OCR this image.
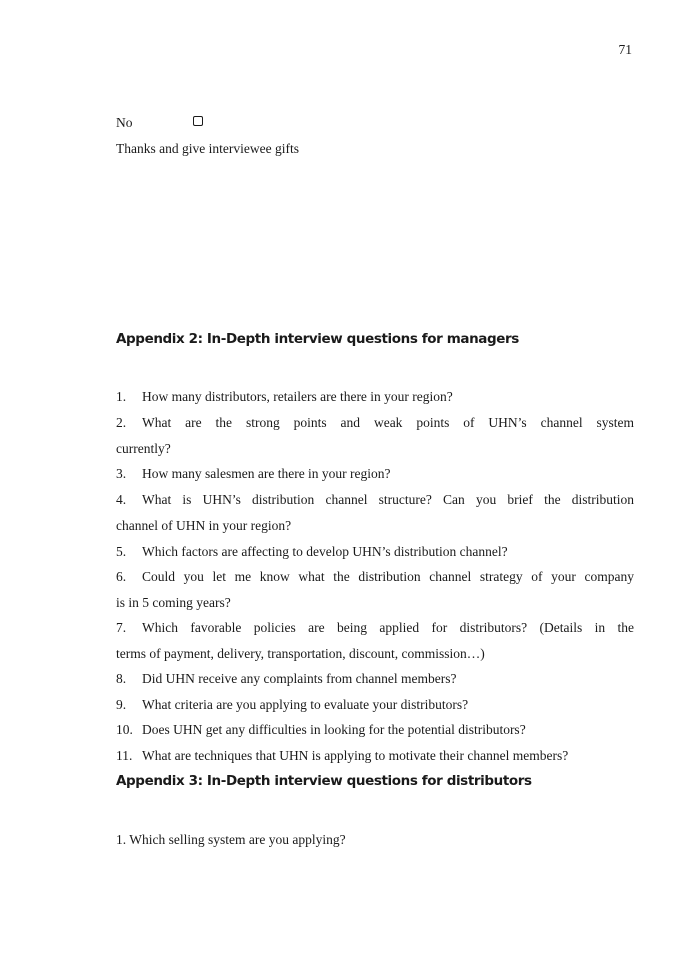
71
No
Thanks and give interviewee gifts
Appendix 2: In-Depth interview questions for managers
1. How many distributors, retailers are there in your region?
2. What are the strong points and weak points of UHN’s channel system
currently?
3. How many salesmen are there in your region?
4. What is UHN’s distribution channel structure? Can you brief the distribution
channel of UHN in your region?
5. Which factors are affecting to develop UHN’s distribution channel?
6. Could you let me know what the distribution channel strategy of your company
is in 5 coming years?
7. Which favorable policies are being applied for distributors? (Details in the
terms of payment, delivery, transportation, discount, commission…)
8. Did UHN receive any complaints from channel members?
9. What criteria are you applying to evaluate your distributors?
10. Does UHN get any difficulties in looking for the potential distributors?
11. What are techniques that UHN is applying to motivate their channel members?
Appendix 3: In-Depth interview questions for distributors
1. Which selling system are you applying?
